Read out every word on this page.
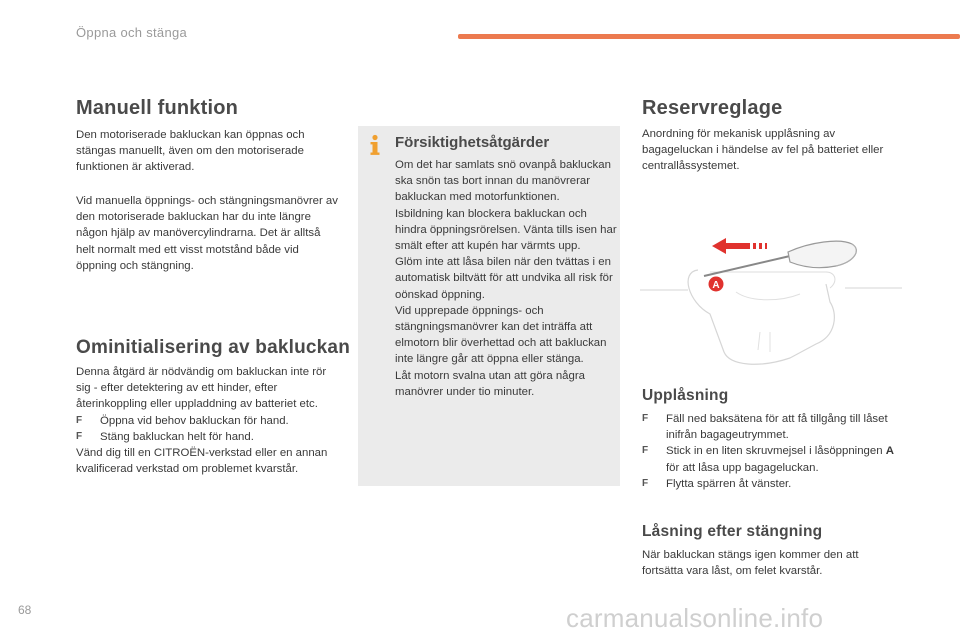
Öppna och stänga
Manuell funktion

Den motoriserade bakluckan kan öppnas och stängas manuellt, även om den motoriserade funktionen är aktiverad.

Vid manuella öppnings- och stängningsmanövrer av den motoriserade bakluckan har du inte längre någon hjälp av manövercylindrarna. Det är alltså helt normalt med ett visst motstånd både vid öppning och stängning.

Ominitialisering av bakluckan

Denna åtgärd är nödvändig om bakluckan inte rör sig - efter detektering av ett hinder, efter återinkoppling eller uppladdning av batteriet etc.

F Öppna vid behov bakluckan för hand.
F Stäng bakluckan helt för hand.

Vänd dig till en CITROËN-verkstad eller en annan kvalificerad verkstad om problemet kvarstår.

Försiktighetsåtgärder
Om det har samlats snö ovanpå bakluckan ska snön tas bort innan du manövrerar bakluckan med motorfunktionen.
Isbildning kan blockera bakluckan och hindra öppningsrörelsen. Vänta tills isen har smält efter att kupén har värmts upp.
Glöm inte att låsa bilen när den tvättas i en automatisk biltvätt för att undvika all risk för oönskad öppning.
Vid upprepade öppnings- och stängningsmanövrer kan det inträffa att elmotorn blir överhettad och att bakluckan inte längre går att öppna eller stänga.
Låt motorn svalna utan att göra några manövrer under tio minuter.
Reservreglage

Anordning för mekanisk upplåsning av bagageluckan i händelse av fel på batteriet eller centrallåssystemet.

A
Upplåsning
F Fäll ned baksätena för att få tillgång till låset inifrån bagageutrymmet.
F Stick in en liten skruvmejsel i låsöppningen A för att låsa upp bagageluckan.
F Flytta spärren åt vänster.
Låsning efter stängning

När bakluckan stängs igen kommer den att fortsätta vara låst, om felet kvarstår.

68	carmanualsonline.info
